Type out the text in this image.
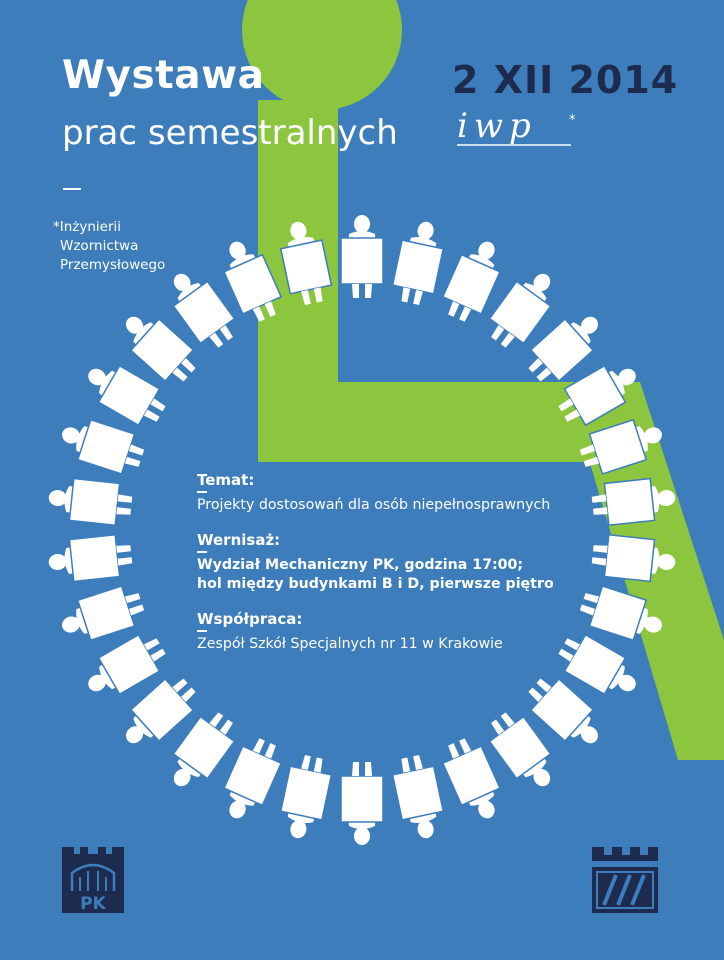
Wystawa
prac semestralnych iwp *
2 XII 2014
*Inżynierii
Wzornictwa
Przemysłowego
Temat:
Projekty dostosowań dla osób niepełnosprawnych
Wernisaż:
Wydział Mechaniczny PK, godzina 17:00;
hol między budynkami B i D, pierwsze piętro
Współpraca:
Zespół Szkół Specjalnych nr 11 w Krakowie
PK
